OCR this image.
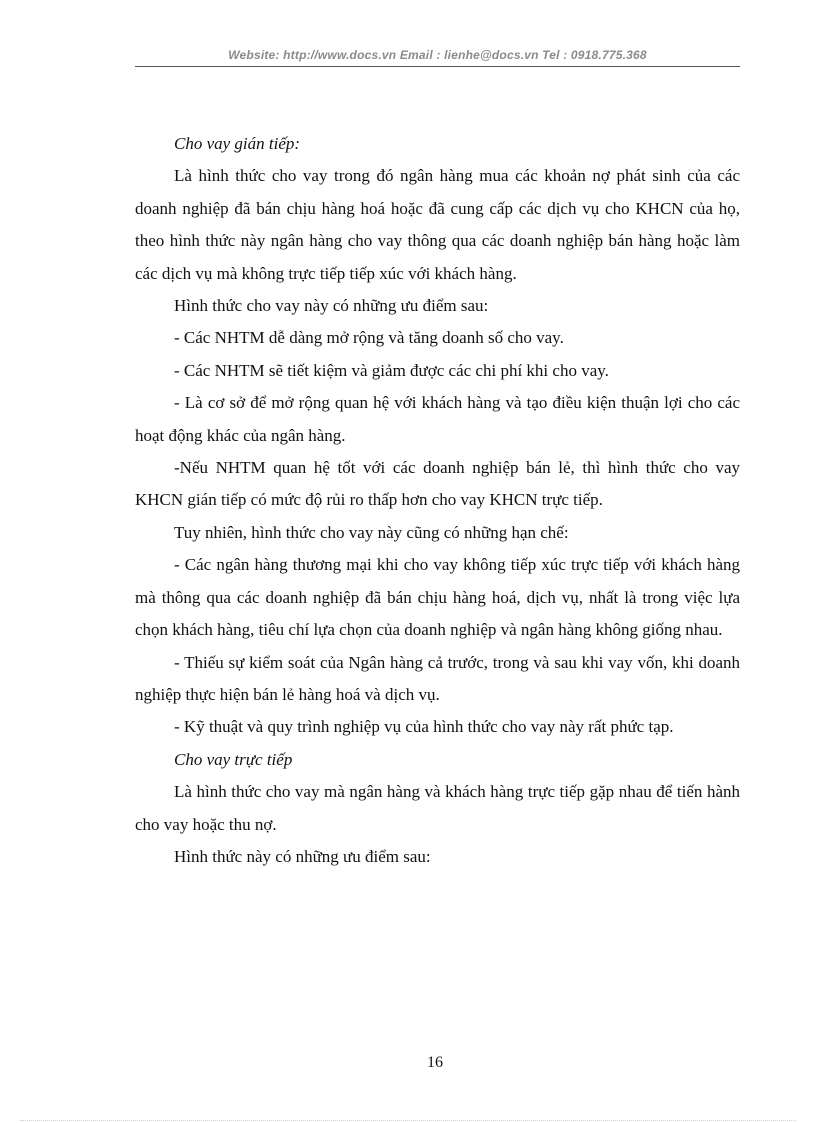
Website: http://www.docs.vn Email : lienhe@docs.vn Tel : 0918.775.368

Cho vay gián tiếp:

Là hình thức cho vay trong đó ngân hàng mua các khoản nợ phát sinh của các doanh nghiệp đã bán chịu hàng hoá hoặc đã cung cấp các dịch vụ cho KHCN của họ, theo hình thức này ngân hàng cho vay thông qua các doanh nghiệp bán hàng hoặc làm các dịch vụ mà không trực tiếp tiếp xúc với khách hàng.

Hình thức cho vay này có những ưu điểm sau:

- Các NHTM dễ dàng mở rộng và tăng doanh số cho vay.

- Các NHTM sẽ tiết kiệm và giảm được các chi phí khi cho vay.

- Là cơ sở để mở rộng quan hệ với khách hàng và tạo điều kiện thuận lợi cho các hoạt động khác của ngân hàng.

-Nếu NHTM quan hệ tốt với các doanh nghiệp bán lẻ, thì hình thức cho vay KHCN gián tiếp có mức độ rủi ro thấp hơn cho vay KHCN trực tiếp.

Tuy nhiên, hình thức cho vay này cũng có những hạn chế:

- Các ngân hàng thương mại khi cho vay không tiếp xúc trực tiếp với khách hàng mà thông qua các doanh nghiệp đã bán chịu hàng hoá, dịch vụ, nhất là trong việc lựa chọn khách hàng, tiêu chí lựa chọn của doanh nghiệp và ngân hàng không giống nhau.

- Thiếu sự kiểm soát của Ngân hàng cả trước, trong và sau khi vay vốn, khi doanh nghiệp thực hiện bán lẻ hàng hoá và dịch vụ.

- Kỹ thuật và quy trình nghiệp vụ của hình thức cho vay này rất phức tạp.

Cho vay trực tiếp

Là hình thức cho vay mà ngân hàng và khách hàng trực tiếp gặp nhau để tiến hành cho vay hoặc thu nợ.

Hình thức này có những ưu điểm sau:

16
